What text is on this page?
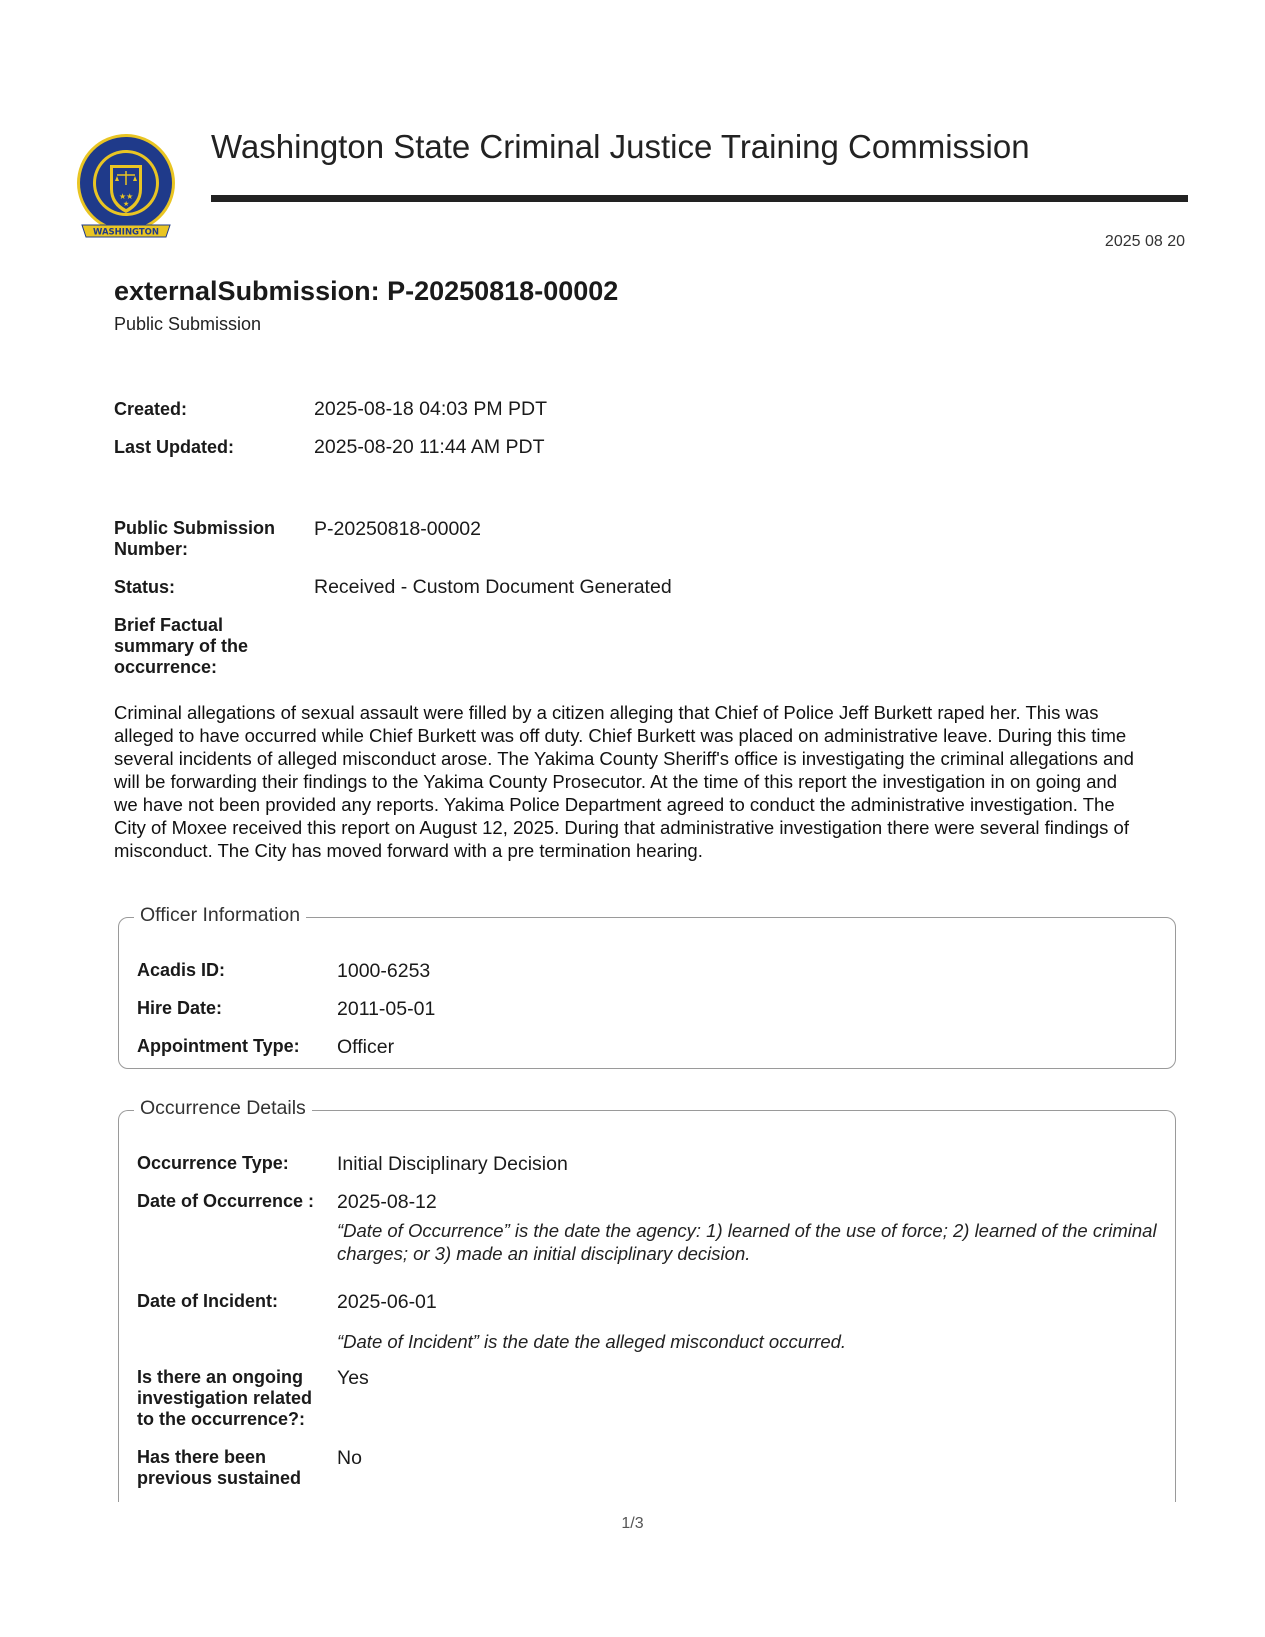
★★
★
WASHINGTON
Washington State Criminal Justice Training Commission
2025 08 20
externalSubmission: P-20250818-00002
Public Submission
Created:	2025-08-18 04:03 PM PDT
Last Updated:	2025-08-20 11:44 AM PDT
Public Submission Number:
P-20250818-00002
Status:	Received - Custom Document Generated
Brief Factual summary of the occurrence:

Criminal allegations of sexual assault were filled by a citizen alleging that Chief of Police Jeff Burkett raped her. This was alleged to have occurred while Chief Burkett was off duty. Chief Burkett was placed on administrative leave. During this time several incidents of alleged misconduct arose. The Yakima County Sheriff's office is investigating the criminal allegations and will be forwarding their findings to the Yakima County Prosecutor. At the time of this report the investigation in on going and we have not been provided any reports. Yakima Police Department agreed to conduct the administrative investigation. The City of Moxee received this report on August 12, 2025. During that administrative investigation there were several findings of misconduct. The City has moved forward with a pre termination hearing.

Officer Information
Acadis ID:	1000-6253
Hire Date:	2011-05-01
Appointment Type:	Officer
Occurrence Details
Occurrence Type:	Initial Disciplinary Decision
Date of Occurrence :	2025-08-12
“Date of Occurrence” is the date the agency: 1) learned of the use of force; 2) learned of the criminal charges; or 3) made an initial disciplinary decision.
Date of Incident:	2025-06-01
“Date of Incident” is the date the alleged misconduct occurred.
Is there an ongoing investigation related to the occurrence?:
Yes
Has there been previous sustained
No
1/3
